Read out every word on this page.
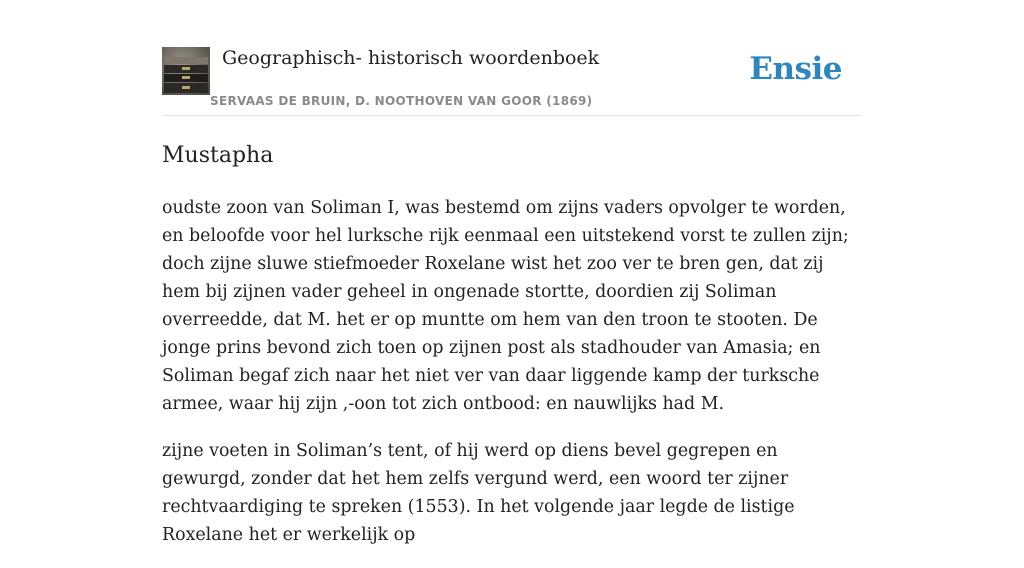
Geographisch- historisch woordenboek
SERVAAS DE BRUIN, D. NOOTHOVEN VAN GOOR (1869)
Ensie
Mustapha

oudste zoon van Soliman I, was bestemd om zijns vaders opvolger te worden, en beloofde voor hel lurksche rijk eenmaal een uitstekend vorst te zullen zijn; doch zijne sluwe stiefmoeder Roxelane wist het zoo ver te bren gen, dat zij hem bij zijnen vader geheel in ongenade stortte, doordien zij Soliman overreedde, dat M. het er op muntte om hem van den troon te stooten. De jonge prins bevond zich toen op zijnen post als stadhouder van Amasia; en Soliman begaf zich naar het niet ver van daar liggende kamp der turksche armee, waar hij zijn ,-oon tot zich ontbood: en nauwlijks had M.

zijne voeten in Soliman’s tent, of hij werd op diens bevel gegrepen en gewurgd, zonder dat het hem zelfs vergund werd, een woord ter zijner rechtvaardiging te spreken (1553). In het volgende jaar legde de listige Roxelane het er werkelijk op
